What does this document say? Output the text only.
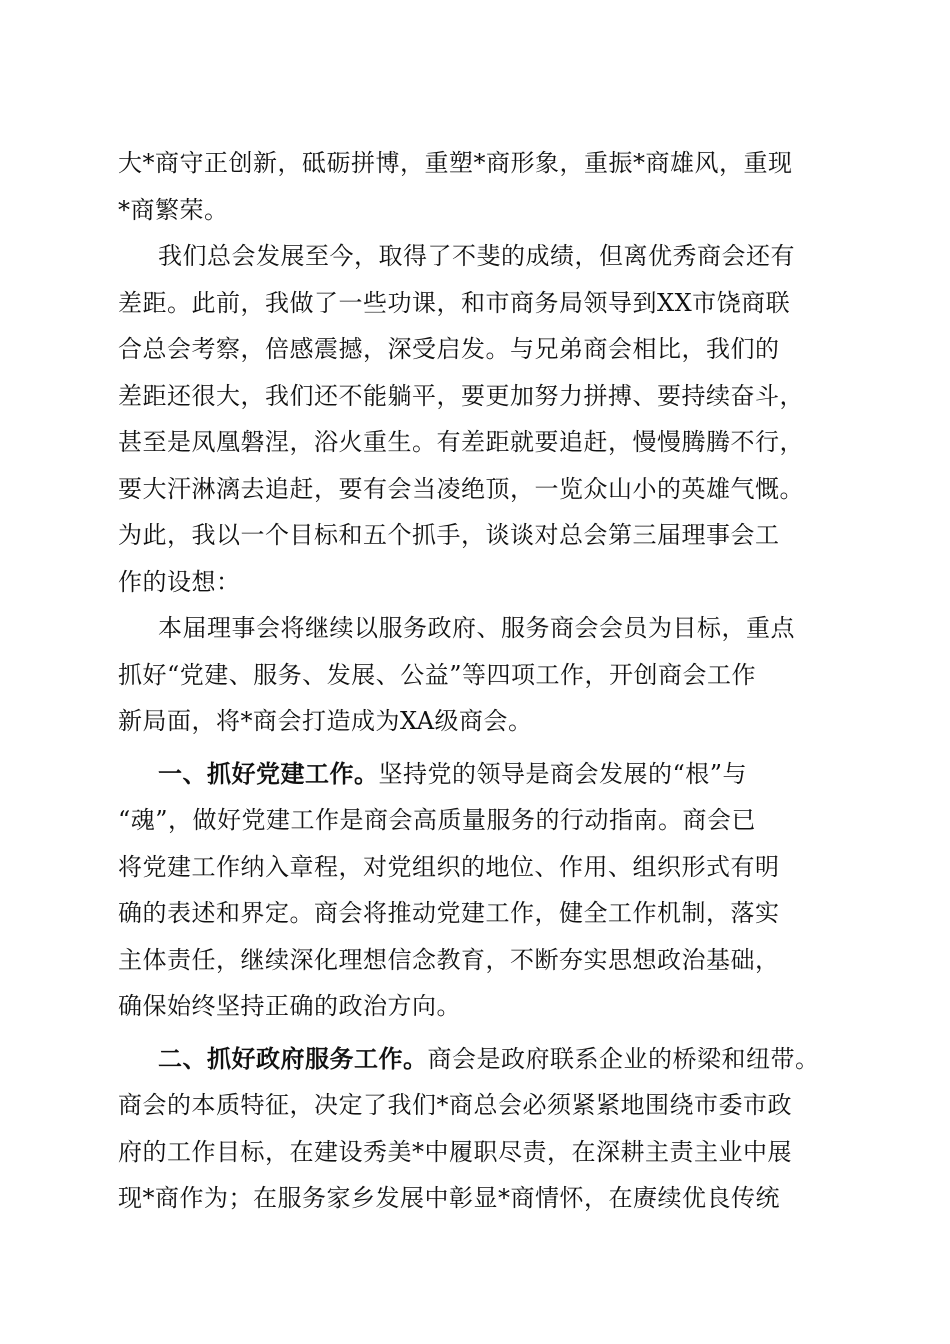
大*商守正创新，砥砺拼博，重塑*商形象，重振*商雄风，重现
*商繁荣。
我们总会发展至今，取得了不斐的成绩，但离优秀商会还有
差距。此前，我做了一些功课，和市商务局领导到XX市饶商联
合总会考察，倍感震撼，深受启发。与兄弟商会相比，我们的
差距还很大，我们还不能躺平，要更加努力拼搏、要持续奋斗，
甚至是凤凰磐涅，浴火重生。有差距就要追赶，慢慢腾腾不行，
要大汗淋漓去追赶，要有会当凌绝顶，一览众山小的英雄气慨。
为此，我以一个目标和五个抓手，谈谈对总会第三届理事会工
作的设想：
本届理事会将继续以服务政府、服务商会会员为目标，重点
抓好“党建、服务、发展、公益”等四项工作，开创商会工作
新局面，将*商会打造成为XA级商会。
一、抓好党建工作。坚持党的领导是商会发展的“根”与
“魂”，做好党建工作是商会高质量服务的行动指南。商会已
将党建工作纳入章程，对党组织的地位、作用、组织形式有明
确的表述和界定。商会将推动党建工作，健全工作机制，落实
主体责任，继续深化理想信念教育，不断夯实思想政治基础，
确保始终坚持正确的政治方向。
二、抓好政府服务工作。商会是政府联系企业的桥梁和纽带。
商会的本质特征，决定了我们*商总会必须紧紧地围绕市委市政
府的工作目标，在建设秀美*中履职尽责，在深耕主责主业中展
现*商作为；在服务家乡发展中彰显*商情怀，在赓续优良传统
